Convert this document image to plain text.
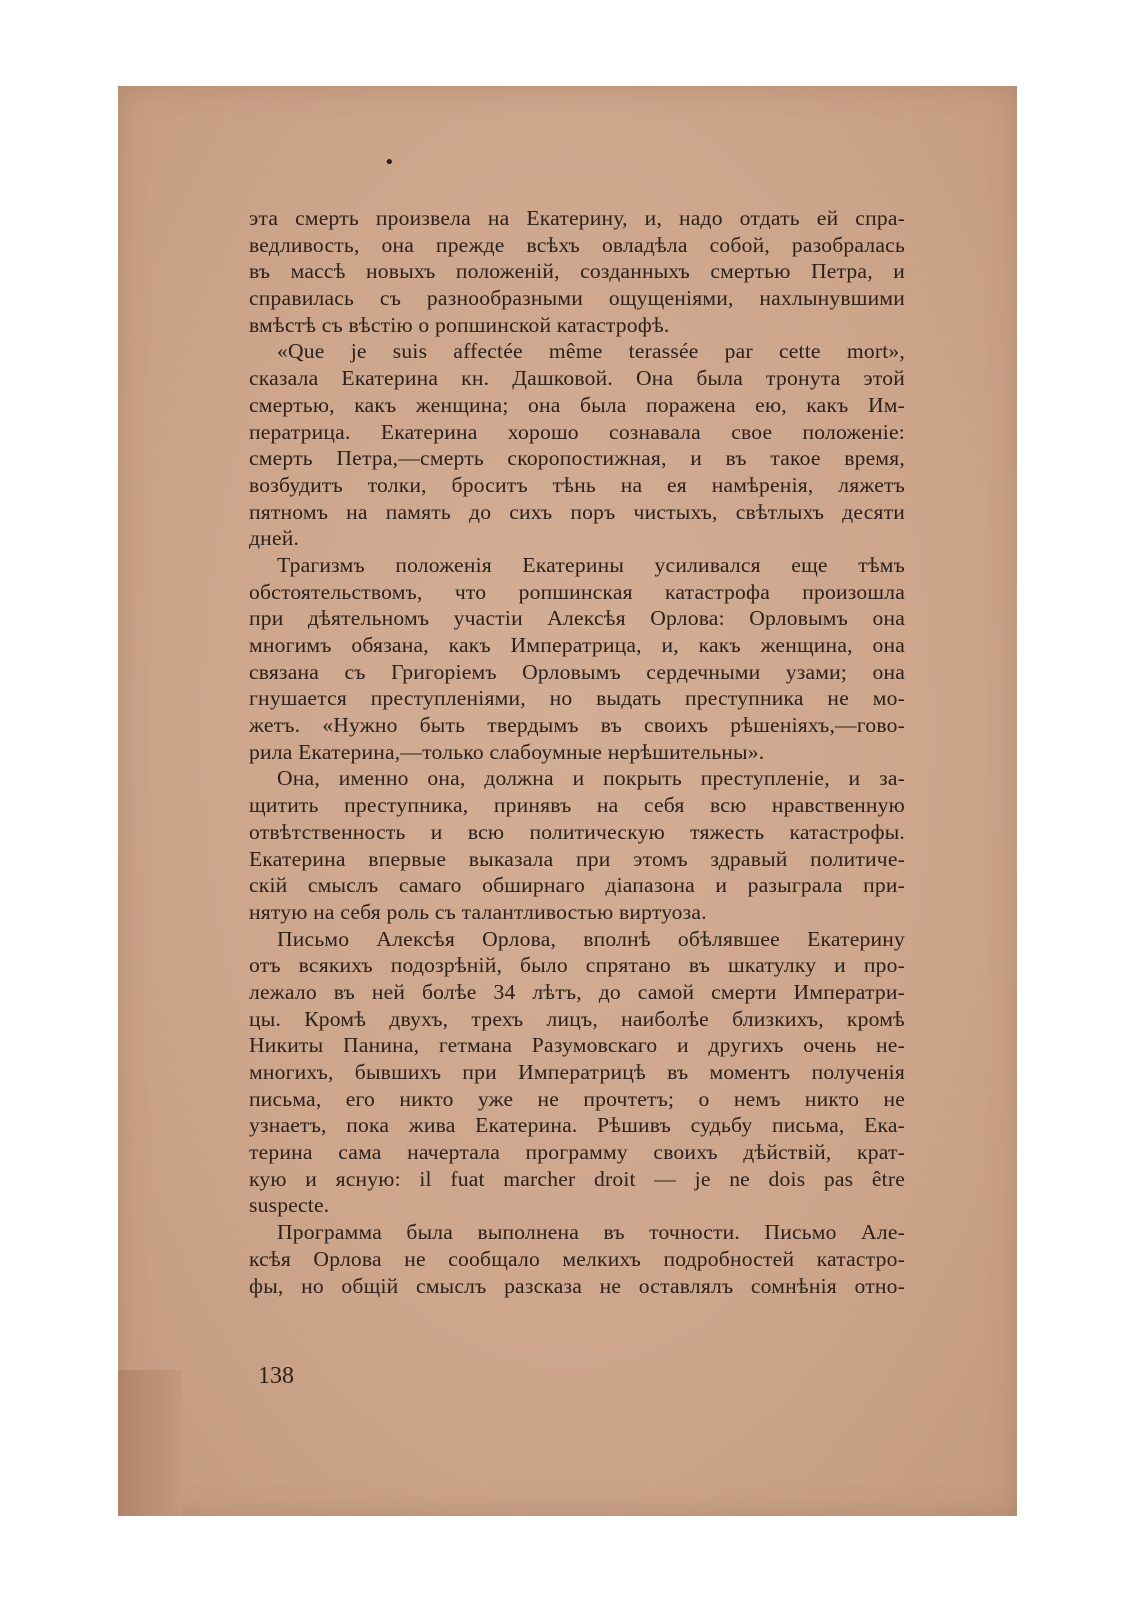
•
эта смерть произвела на Екатерину, и, надо отдать ей спра-
ведливость, она прежде всѣхъ овладѣла собой, разобралась
въ массѣ новыхъ положеній, созданныхъ смертью Петра, и
справилась съ разнообразными ощущеніями, нахлынувшими
вмѣстѣ съ вѣстію о ропшинской катастрофѣ.
«Que je suis affectée même terassée par cette mort»,
сказала Екатерина кн. Дашковой. Она была тронута этой
смертью, какъ женщина; она была поражена ею, какъ Им-
ператрица. Екатерина хорошо сознавала свое положеніе:
смерть Петра,—смерть скоропостижная, и въ такое время,
возбудитъ толки, броситъ тѣнь на ея намѣренія, ляжетъ
пятномъ на память до сихъ поръ чистыхъ, свѣтлыхъ десяти
дней.
Трагизмъ положенія Екатерины усиливался еще тѣмъ
обстоятельствомъ, что ропшинская катастрофа произошла
при дѣятельномъ участіи Алексѣя Орлова: Орловымъ она
многимъ обязана, какъ Императрица, и, какъ женщина, она
связана съ Григоріемъ Орловымъ сердечными узами; она
гнушается преступленіями, но выдать преступника не мо-
жетъ. «Нужно быть твердымъ въ своихъ рѣшеніяхъ,—гово-
рила Екатерина,—только слабоумные нерѣшительны».
Она, именно она, должна и покрыть преступленіе, и за-
щитить преступника, принявъ на себя всю нравственную
отвѣтственность и всю политическую тяжесть катастрофы.
Екатерина впервые выказала при этомъ здравый политиче-
скій смыслъ самаго обширнаго діапазона и разыграла при-
нятую на себя роль съ талантливостью виртуоза.
Письмо Алексѣя Орлова, вполнѣ обѣлявшее Екатерину
отъ всякихъ подозрѣній, было спрятано въ шкатулку и про-
лежало въ ней болѣе 34 лѣтъ, до самой смерти Императри-
цы. Кромѣ двухъ, трехъ лицъ, наиболѣе близкихъ, кромѣ
Никиты Панина, гетмана Разумовскаго и другихъ очень не-
многихъ, бывшихъ при Императрицѣ въ моментъ полученія
письма, его никто уже не прочтетъ; о немъ никто не
узнаетъ, пока жива Екатерина. Рѣшивъ судьбу письма, Ека-
терина сама начертала программу своихъ дѣйствій, крат-
кую и ясную: il fuat marcher droit — je ne dois pas être
suspecte.
Программа была выполнена въ точности. Письмо Але-
ксѣя Орлова не сообщало мелкихъ подробностей катастро-
фы, но общій смыслъ разсказа не оставлялъ сомнѣнія отно-
138
